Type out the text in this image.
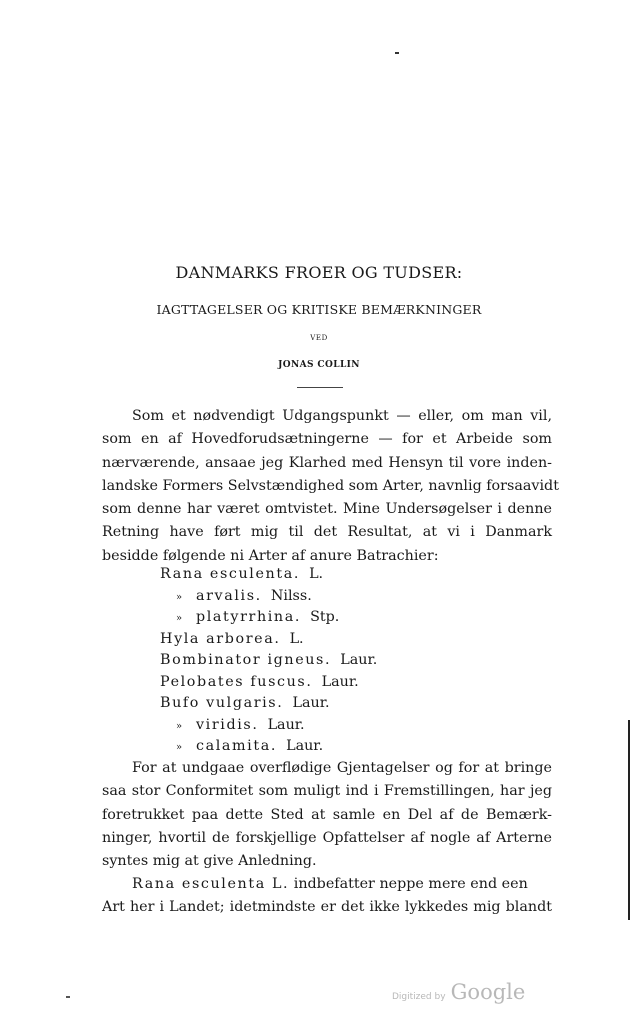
DANMARKS FROER OG TUDSER:
IAGTTAGELSER OG KRITISKE BEMÆRKNINGER
VED
JONAS COLLIN
Som et nødvendigt Udgangspunkt — eller, om man vil,
som en af Hovedforudsætningerne — for et Arbeide som
nærværende, ansaae jeg Klarhed med Hensyn til vore inden-
landske Formers Selvstændighed som Arter, navnlig forsaavidt
som denne har været omtvistet. Mine Undersøgelser i denne
Retning have ført mig til det Resultat, at vi i Danmark
besidde følgende ni Arter af anure Batrachier:
Rana esculenta. L.
» arvalis. Nilss.
» platyrrhina. Stp.
Hyla arborea. L.
Bombinator igneus. Laur.
Pelobates fuscus. Laur.
Bufo vulgaris. Laur.
» viridis. Laur.
» calamita. Laur.
For at undgaae overflødige Gjentagelser og for at bringe
saa stor Conformitet som muligt ind i Fremstillingen, har jeg
foretrukket paa dette Sted at samle en Del af de Bemærk-
ninger, hvortil de forskjellige Opfattelser af nogle af Arterne
syntes mig at give Anledning.
Rana esculenta L. indbefatter neppe mere end een
Art her i Landet; idetmindste er det ikke lykkedes mig blandt
Digitized by Google
